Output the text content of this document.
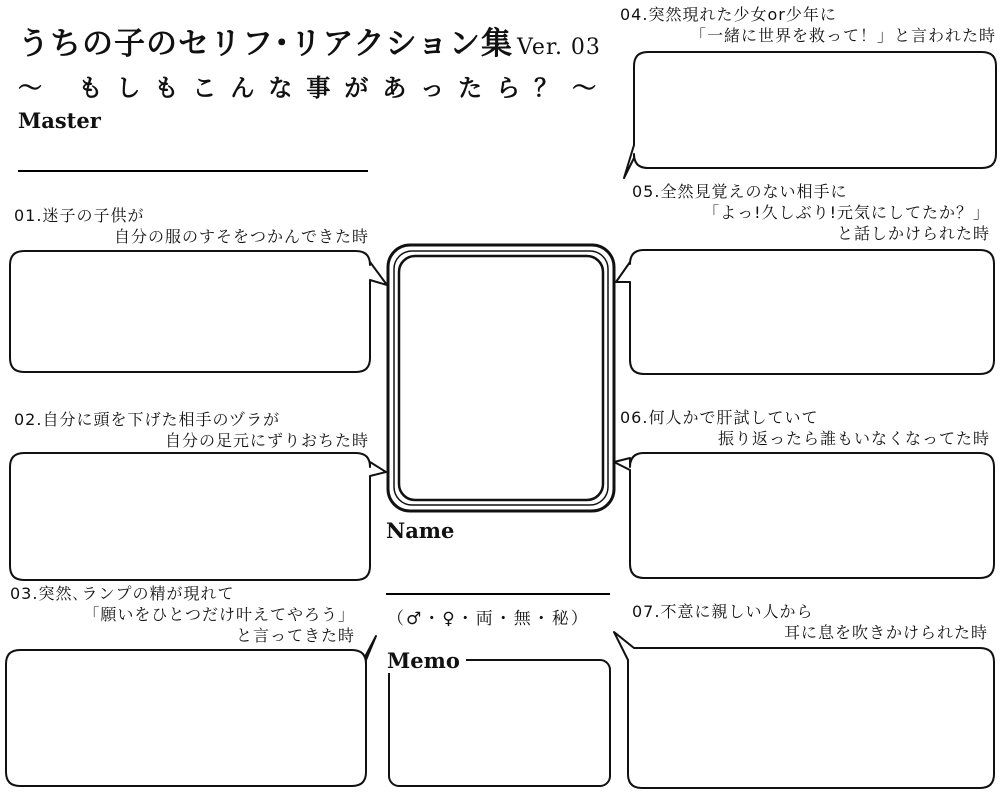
うちの子のセリフ･リアクション集 Ver. 03
～ もしもこんな事があったら？～
Master
Name
（♂・♀・両・無・秘）
Memo
01.迷子の子供が
自分の服のすそをつかんできた時
02.自分に頭を下げた相手のヅラが
自分の足元にずりおちた時
03.突然､ランプの精が現れて
「願いをひとつだけ叶えてやろう」
と言ってきた時
04.突然現れた少女or少年に
「一緒に世界を救って！」と言われた時
05.全然見覚えのない相手に
「よっ!久しぶり!元気にしてたか？」
と話しかけられた時
06.何人かで肝試していて
振り返ったら誰もいなくなってた時
07.不意に親しい人から
耳に息を吹きかけられた時
